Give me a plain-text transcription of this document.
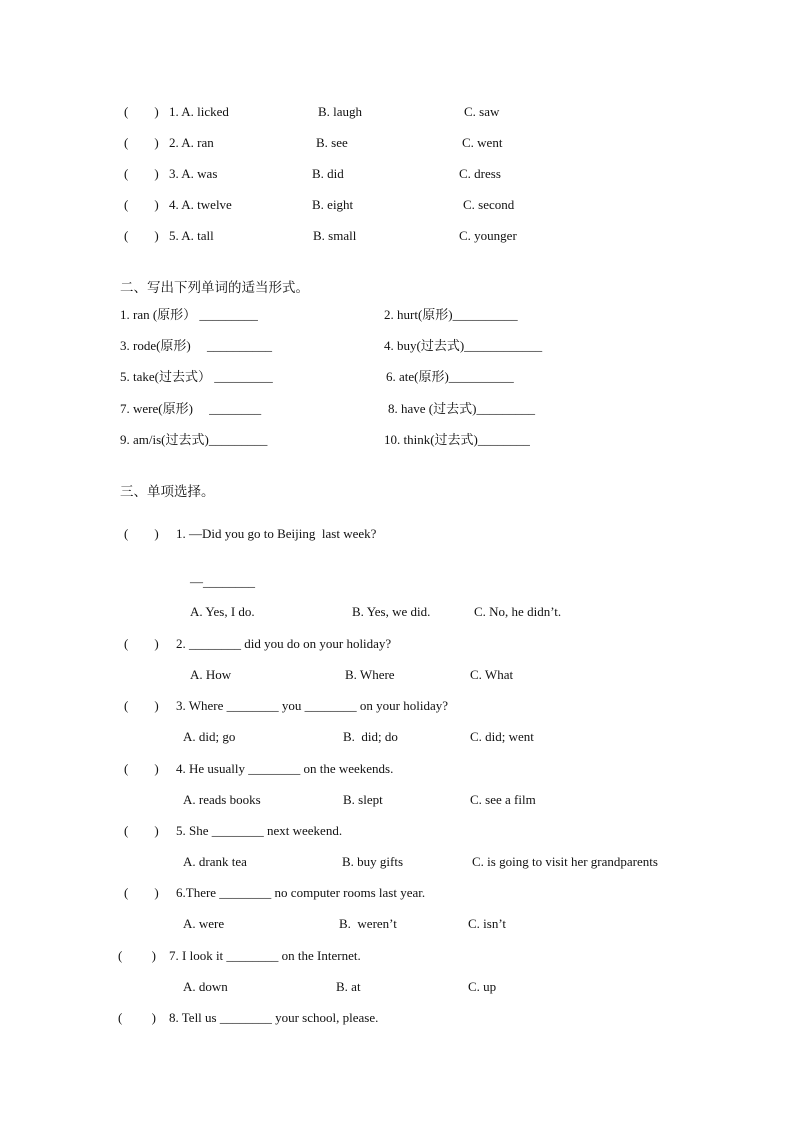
(        ) 1. A. licked	B. laugh	C. saw
(        ) 2. A. ran	B. see	C. went
(        ) 3. A. was	B. did	C. dress
(        ) 4. A. twelve	B. eight	C. second
(        ) 5. A. tall	B. small	C. younger
二、写出下列单词的适当形式。
1. ran (原形） _________	2. hurt(原形)__________
3. rode(原形)     __________	4. buy(过去式)____________
5. take(过去式） _________	6. ate(原形)__________
7. were(原形)     ________	8. have (过去式)_________
9. am/is(过去式)_________	10. think(过去式)________
三、单项选择。
(        ) 1. —Did you go to Beijing  last week?
—________
A. Yes, I do.	B. Yes, we did.	C. No, he didn’t.
(        ) 2. ________ did you do on your holiday?
A. How	B. Where	C. What
(        ) 3. Where ________ you ________ on your holiday?
A. did; go	B.  did; do	C. did; went
(        ) 4. He usually ________ on the weekends.
A. reads books	B. slept	C. see a film
(        ) 5. She ________ next weekend.
A. drank tea	B. buy gifts	C. is going to visit her grandparents
(        ) 6.There ________ no computer rooms last year.
A. were	B.  weren’t	C. isn’t
(         ) 7. I look it ________ on the Internet.
A. down	B. at	C. up
(         ) 8. Tell us ________ your school, please.
